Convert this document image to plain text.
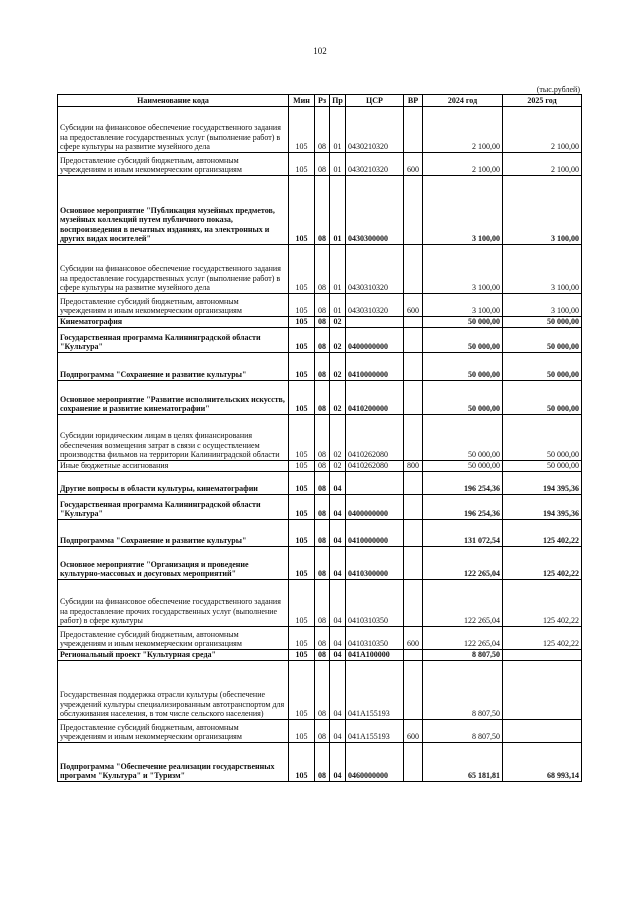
102
(тыс.рублей)
Наименование кода	Мин	Рз	Пр	ЦСР	ВР	2024 год	2025 год
Субсидии на финансовое обеспечение государственного задания на предоставление государственных услуг (выполнение работ) в сфере культуры на развитие музейного дела	105	08	01	0430210320		2 100,00	2 100,00
Предоставление субсидий бюджетным, автономным учреждениям и иным некоммерческим организациям	105	08	01	0430210320	600	2 100,00	2 100,00
Основное мероприятие "Публикация музейных предметов, музейных коллекций путем публичного показа, воспроизведения в печатных изданиях, на электронных и других видах носителей"	105	08	01	0430300000		3 100,00	3 100,00
Субсидии на финансовое обеспечение государственного задания на предоставление государственных услуг (выполнение работ) в сфере культуры на развитие музейного дела	105	08	01	0430310320		3 100,00	3 100,00
Предоставление субсидий бюджетным, автономным учреждениям и иным некоммерческим организациям	105	08	01	0430310320	600	3 100,00	3 100,00
Кинематография	105	08	02			50 000,00	50 000,00
Государственная программа Калининградской области "Культура"	105	08	02	0400000000		50 000,00	50 000,00
Подпрограмма "Сохранение и развитие культуры"	105	08	02	0410000000		50 000,00	50 000,00
Основное мероприятие "Развитие исполнительских искусств, сохранение и развитие кинематографии"	105	08	02	0410200000		50 000,00	50 000,00
Субсидии юридическим лицам в целях финансирования обеспечения возмещения затрат в связи с осуществлением производства фильмов на территории Калининградской области	105	08	02	0410262080		50 000,00	50 000,00
Иные бюджетные ассигнования	105	08	02	0410262080	800	50 000,00	50 000,00
Другие вопросы в области культуры, кинематографии	105	08	04			196 254,36	194 395,36
Государственная программа Калининградской области "Культура"	105	08	04	0400000000		196 254,36	194 395,36
Подпрограмма "Сохранение и развитие культуры"	105	08	04	0410000000		131 072,54	125 402,22
Основное мероприятие "Организация и проведение культурно-массовых и досуговых мероприятий"	105	08	04	0410300000		122 265,04	125 402,22
Субсидии на финансовое обеспечение государственного задания на предоставление прочих государственных услуг (выполнение работ) в сфере культуры	105	08	04	0410310350		122 265,04	125 402,22
Предоставление субсидий бюджетным, автономным учреждениям и иным некоммерческим организациям	105	08	04	0410310350	600	122 265,04	125 402,22
Региональный проект "Культурная среда"	105	08	04	041A100000		8 807,50	
Государственная поддержка отрасли культуры (обеспечение учреждений культуры специализированным автотранспортом для обслуживания населения, в том числе сельского населения)	105	08	04	041A155193		8 807,50	
Предоставление субсидий бюджетным, автономным учреждениям и иным некоммерческим организациям	105	08	04	041A155193	600	8 807,50	
Подпрограмма "Обеспечение реализации государственных программ "Культура" и "Туризм"	105	08	04	0460000000		65 181,81	68 993,14
